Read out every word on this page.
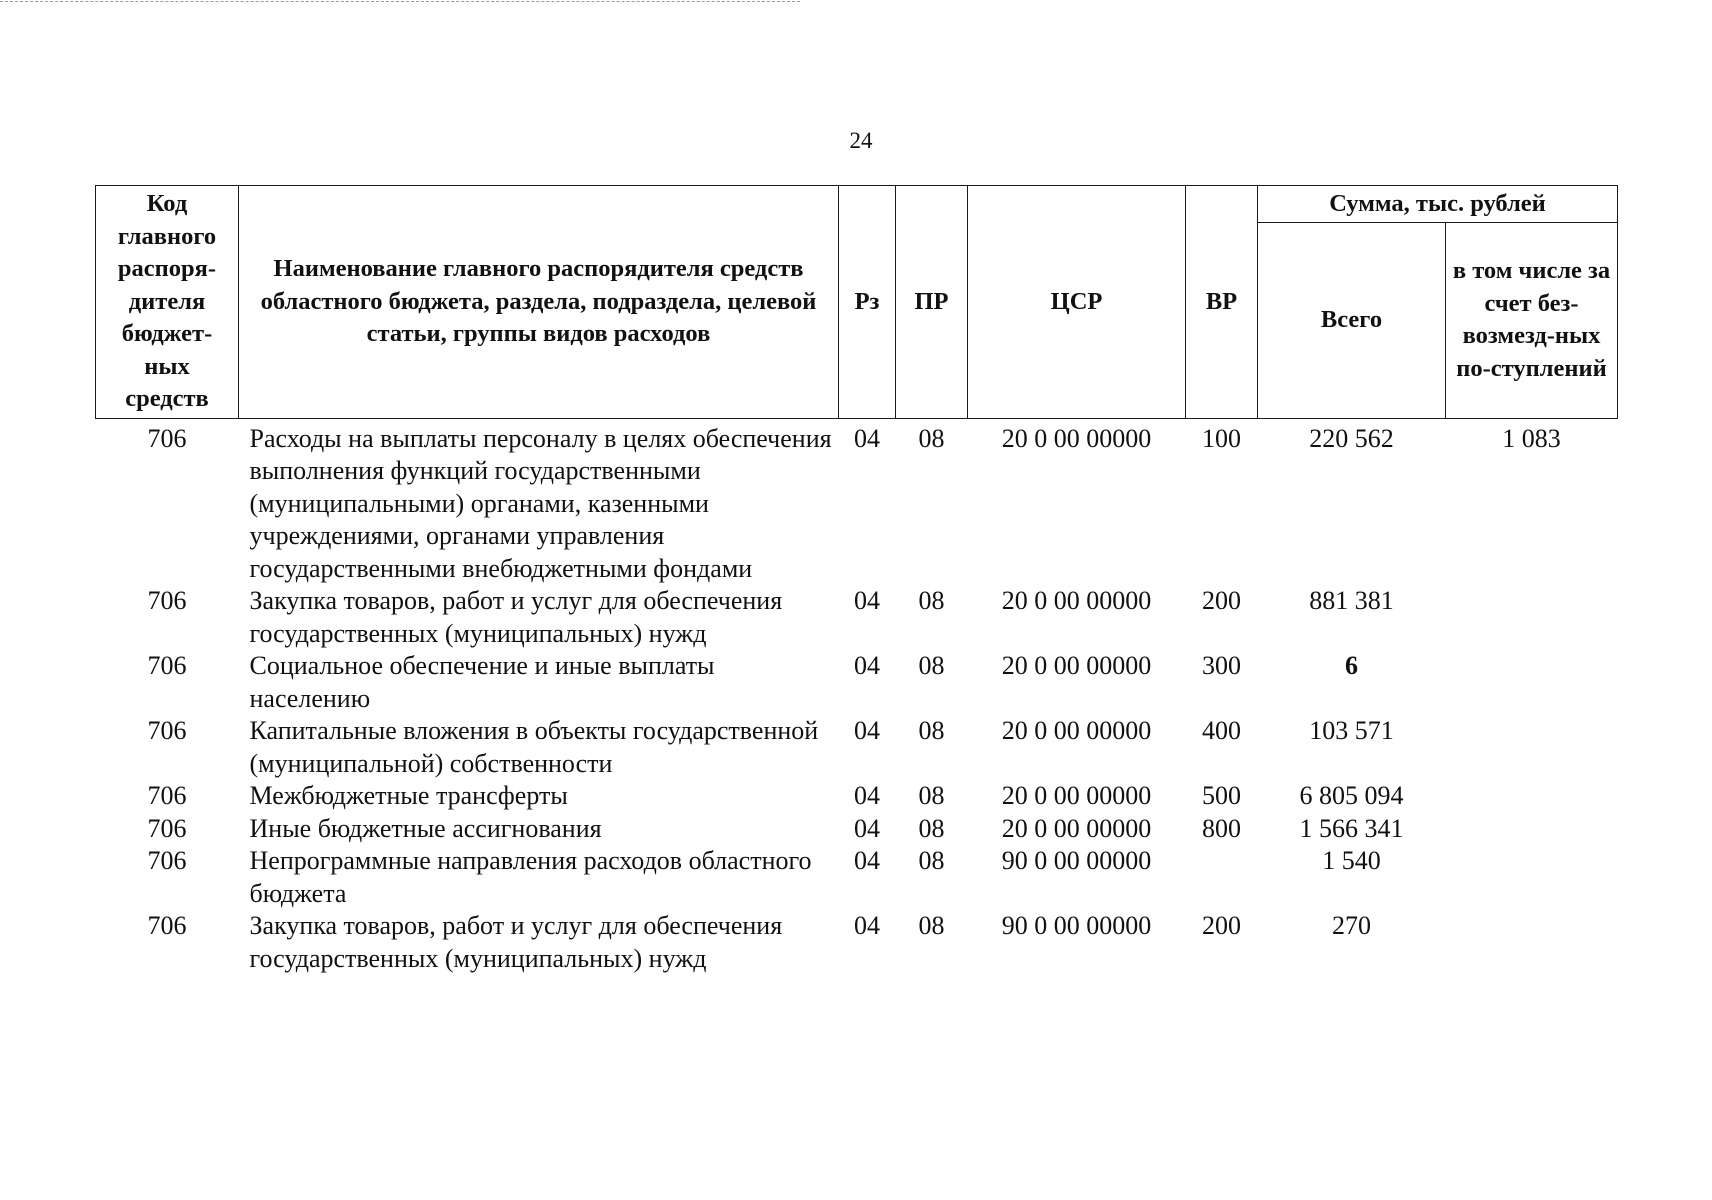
24
Код главного распоря-дителя бюджет-ных средств	Наименование главного распорядителя средств областного бюджета, раздела, подраздела, целевой статьи, группы видов расходов	Рз	ПР	ЦСР	ВР	Сумма, тыс. рублей	
						Всего	в том числе за счет без-возмезд-ных по-ступлений
706	Расходы на выплаты персоналу в целях обеспечения выполнения функций государственными (муниципальными) органами, казенными учреждениями, органами управления государственными внебюджетными фондами	04	08	20 0 00 00000	100	220 562	1 083
706	Закупка товаров, работ и услуг для обеспечения государственных (муниципальных) нужд	04	08	20 0 00 00000	200	881 381	
706	Социальное обеспечение и иные выплаты населению	04	08	20 0 00 00000	300	6	
706	Капитальные вложения в объекты государственной (муниципальной) собственности	04	08	20 0 00 00000	400	103 571	
706	Межбюджетные трансферты	04	08	20 0 00 00000	500	6 805 094	
706	Иные бюджетные ассигнования	04	08	20 0 00 00000	800	1 566 341	
706	Непрограммные направления расходов областного бюджета	04	08	90 0 00 00000		1 540	
706	Закупка товаров, работ и услуг для обеспечения государственных (муниципальных) нужд	04	08	90 0 00 00000	200	270	
